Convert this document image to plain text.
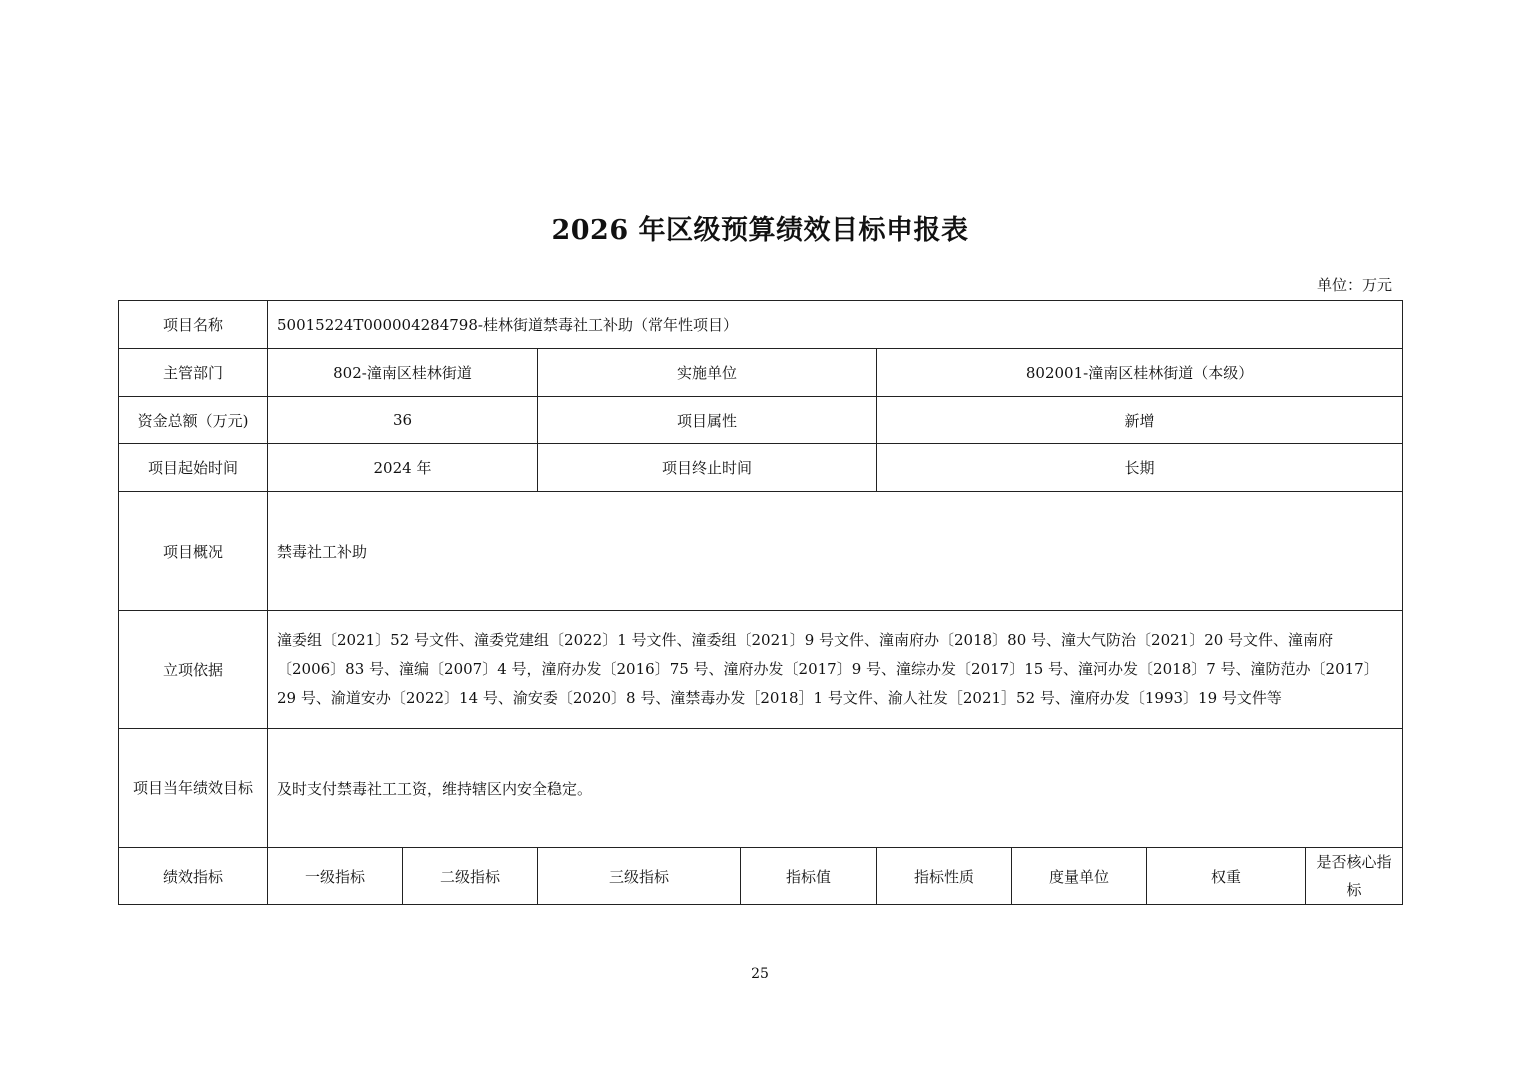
2026 年区级预算绩效目标申报表
单位：万元
项目名称	50015224T000004284798-桂林街道禁毒社工补助（常年性项目）							
主管部门	802-潼南区桂林街道		实施单位		802001-潼南区桂林街道（本级）			
资金总额（万元)	36		项目属性		新增			
项目起始时间	2024 年		项目终止时间		长期			
项目概况	禁毒社工补助							
立项依据	潼委组〔2021〕52 号文件、潼委党建组〔2022〕1 号文件、潼委组〔2021〕9 号文件、潼南府办〔2018〕80 号、潼大气防治〔2021〕20 号文件、潼南府〔2006〕83 号、潼编〔2007〕4 号，潼府办发〔2016〕75 号、潼府办发〔2017〕9 号、潼综办发〔2017〕15 号、潼河办发〔2018〕7 号、潼防范办〔2017〕29 号、渝道安办〔2022〕14 号、渝安委〔2020〕8 号、潼禁毒办发［2018］1 号文件、渝人社发［2021］52 号、潼府办发〔1993〕19 号文件等							
项目当年绩效目标	及时支付禁毒社工工资，维持辖区内安全稳定。							
绩效指标	一级指标	二级指标	三级指标	指标值	指标性质	度量单位	权重	是否核心指标
25
